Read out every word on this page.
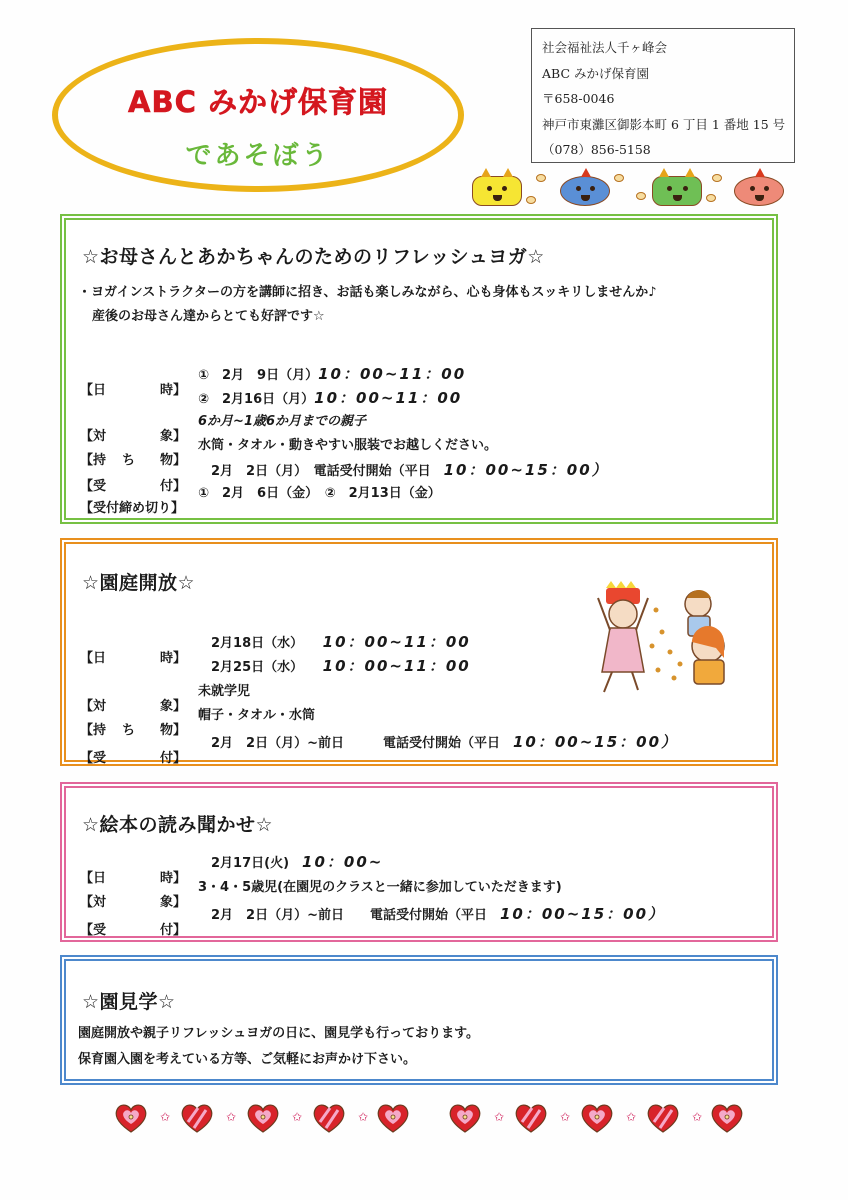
ABC みかげ保育園
であそぼう
社会福祉法人千ヶ峰会
ABC みかげ保育園
〒658-0046
神戸市東灘区御影本町 6 丁目 1 番地 15 号
（078）856-5158
☆お母さんとあかちゃんのためのリフレッシュヨガ☆
・ヨガインストラクターの方を講師に招き、お話も楽しみながら、心も身体もスッキリしませんか♪
産後のお母さん達からとても好評です☆
【日	時】
①　2月　9日（月）10：00~11：00
②　2月16日（月）10：00~11：00
【対	象】
6か月~1歳6か月までの親子
【持 ち 物】
水筒・タオル・動きやすい服装でお越しください。
【受	付】
　2月　2日（月）　電話受付開始（平日　10：00~15：00）
【受付締め切り】
①　2月　6日（金）　②　2月13日（金）
☆園庭開放☆
【日	時】
　2月18日（水）　　10：00~11：00
　2月25日（水）　　10：00~11：00
【対	象】
未就学児
【持 ち 物】
帽子・タオル・水筒
【受	付】
　2月　2日（月）~前日　　　電話受付開始（平日　10：00~15：00）
☆絵本の読み聞かせ☆
【日	時】
　2月17日(火)　10：00~
【対	象】
3・4・5歳児(在園児のクラスと一緒に参加していただきます)
【受	付】
　2月　2日（月）~前日　　電話受付開始（平日　10：00~15：00）
☆園見学☆
園庭開放や親子リフレッシュヨガの日に、園見学も行っております。
保育園入園を考えている方等、ご気軽にお声かけ下さい。
✩	✩	✩	✩	✩	✩	✩	✩
